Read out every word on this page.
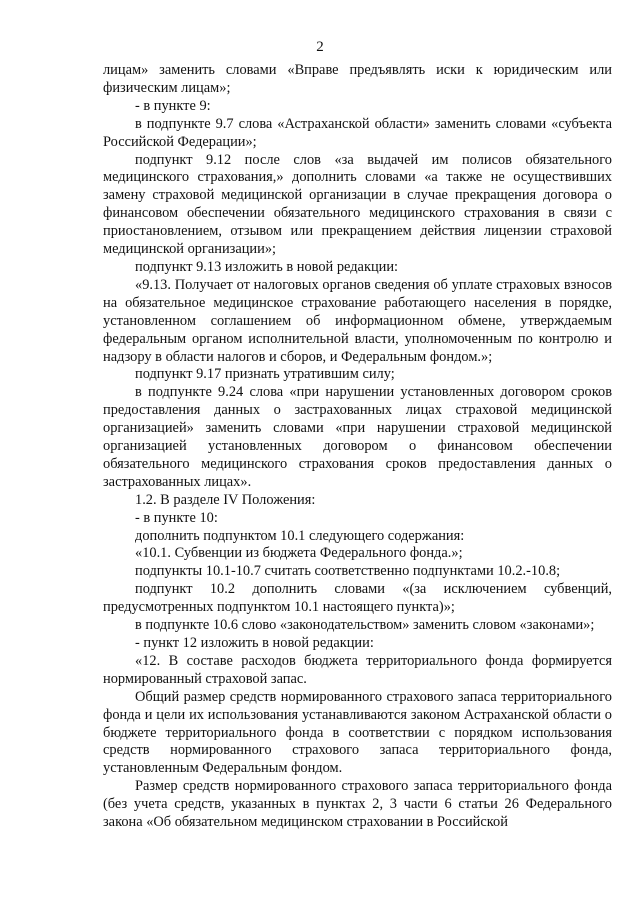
2

лицам» заменить словами «Вправе предъявлять иски к юридическим или физическим лицам»;

- в пункте 9:

в подпункте 9.7 слова «Астраханской области» заменить словами «субъекта Российской Федерации»;

подпункт 9.12 после слов «за выдачей им полисов обязательного медицинского страхования,» дополнить словами «а также не осуществивших замену страховой медицинской организации в случае прекращения договора о финансовом обеспечении обязательного медицинского страхования в связи с приостановлением, отзывом или прекращением действия лицензии страховой медицинской организации»;

подпункт 9.13 изложить в новой редакции:

«9.13. Получает от налоговых органов сведения об уплате страховых взносов на обязательное медицинское страхование работающего населения в порядке, установленном соглашением об информационном обмене, утверждаемым федеральным органом исполнительной власти, уполномоченным по контролю и надзору в области налогов и сборов, и Федеральным фондом.»;

подпункт 9.17 признать утратившим силу;

в подпункте 9.24 слова «при нарушении установленных договором сроков предоставления данных о застрахованных лицах страховой медицинской организацией» заменить словами «при нарушении страховой медицинской организацией установленных договором о финансовом обеспечении обязательного медицинского страхования сроков предоставления данных о застрахованных лицах».

1.2. В разделе IV Положения:

- в пункте 10:

дополнить подпунктом 10.1 следующего содержания:

«10.1. Субвенции из бюджета Федерального фонда.»;

подпункты 10.1-10.7 считать соответственно подпунктами 10.2.-10.8;

подпункт 10.2 дополнить словами «(за исключением субвенций, предусмотренных подпунктом 10.1 настоящего пункта)»;

в подпункте 10.6 слово «законодательством» заменить словом «законами»;

- пункт 12 изложить в новой редакции:

«12. В составе расходов бюджета территориального фонда формируется нормированный страховой запас.

Общий размер средств нормированного страхового запаса территориального фонда и цели их использования устанавливаются законом Астраханской области о бюджете территориального фонда в соответствии с порядком использования средств нормированного страхового запаса территориального фонда, установленным Федеральным фондом.

Размер средств нормированного страхового запаса территориального фонда (без учета средств, указанных в пунктах 2, 3 части 6 статьи 26 Федерального закона «Об обязательном медицинском страховании в Российской
